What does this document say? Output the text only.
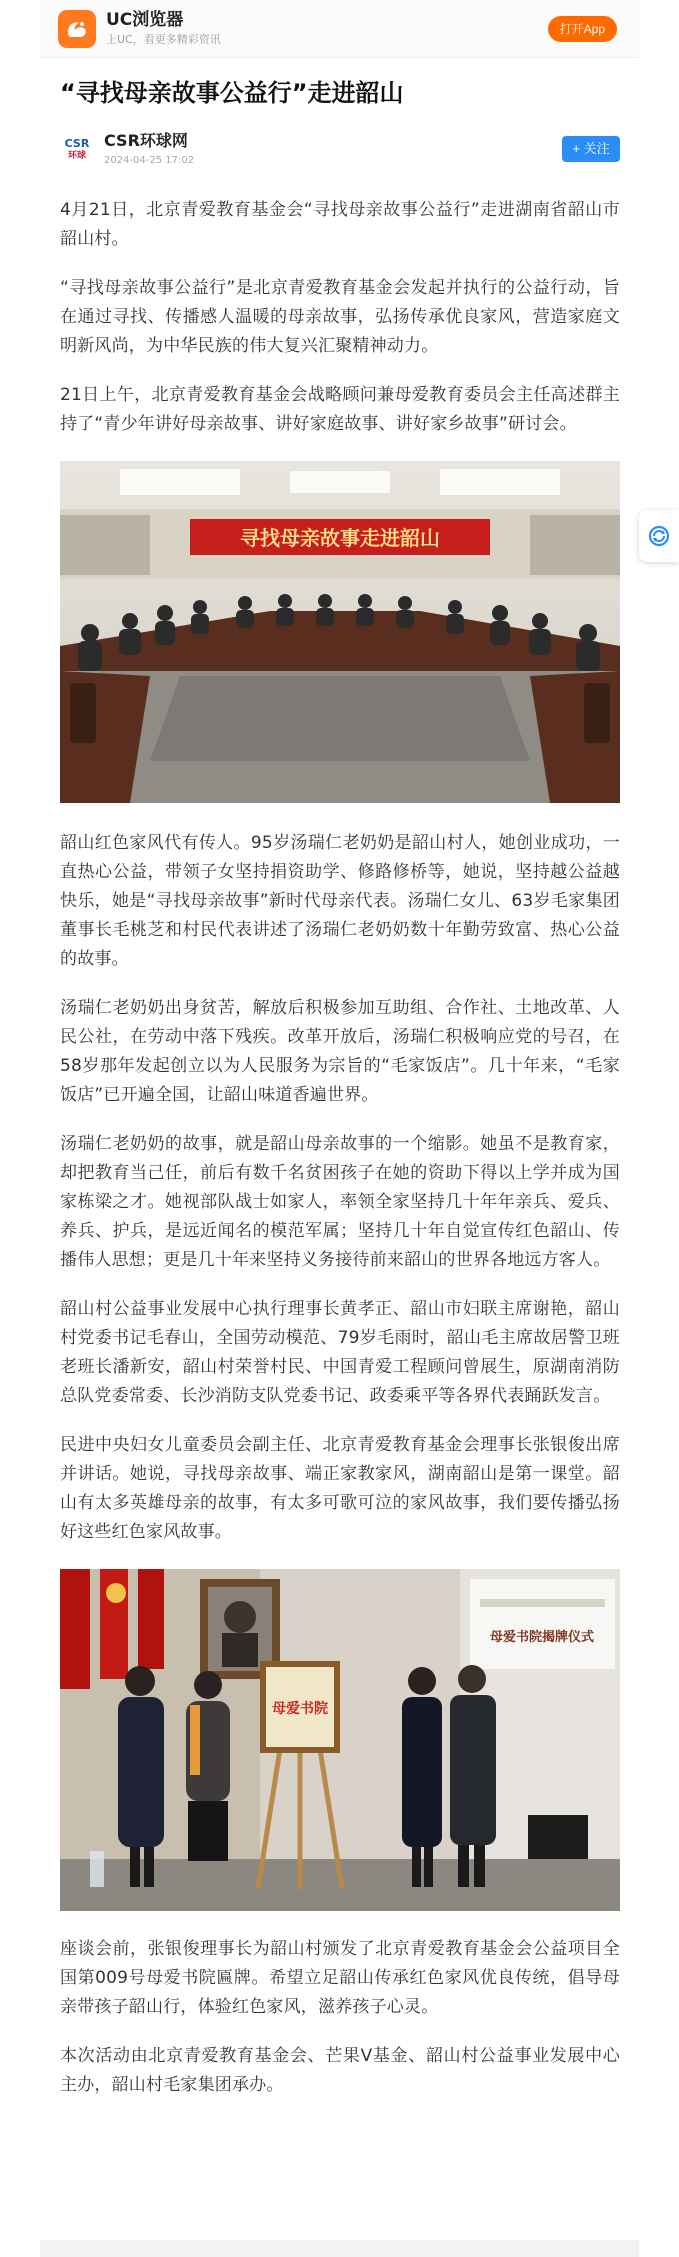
UC浏览器
上UC，看更多精彩资讯
打开App
“寻找母亲故事公益行”走进韶山
CSR
环球
CSR环球网
2024-04-25 17:02
+ 关注

4月21日，北京青爱教育基金会“寻找母亲故事公益行”走进湖南省韶山市韶山村。

“寻找母亲故事公益行”是北京青爱教育基金会发起并执行的公益行动，旨在通过寻找、传播感人温暖的母亲故事，弘扬传承优良家风，营造家庭文明新风尚，为中华民族的伟大复兴汇聚精神动力。

21日上午，北京青爱教育基金会战略顾问兼母爱教育委员会主任高述群主持了“青少年讲好母亲故事、讲好家庭故事、讲好家乡故事”研讨会。

寻找母亲故事走进韶山

韶山红色家风代有传人。95岁汤瑞仁老奶奶是韶山村人，她创业成功，一直热心公益，带领子女坚持捐资助学、修路修桥等，她说，坚持越公益越快乐，她是“寻找母亲故事”新时代母亲代表。汤瑞仁女儿、63岁毛家集团董事长毛桃芝和村民代表讲述了汤瑞仁老奶奶数十年勤劳致富、热心公益的故事。

汤瑞仁老奶奶出身贫苦，解放后积极参加互助组、合作社、土地改革、人民公社，在劳动中落下残疾。改革开放后，汤瑞仁积极响应党的号召，在58岁那年发起创立以为人民服务为宗旨的“毛家饭店”。几十年来，“毛家饭店”已开遍全国，让韶山味道香遍世界。

汤瑞仁老奶奶的故事，就是韶山母亲故事的一个缩影。她虽不是教育家，却把教育当己任，前后有数千名贫困孩子在她的资助下得以上学并成为国家栋梁之才。她视部队战士如家人，率领全家坚持几十年年亲兵、爱兵、养兵、护兵，是远近闻名的模范军属；坚持几十年自觉宣传红色韶山、传播伟人思想；更是几十年来坚持义务接待前来韶山的世界各地远方客人。

韶山村公益事业发展中心执行理事长黄孝正、韶山市妇联主席谢艳，韶山村党委书记毛春山，全国劳动模范、79岁毛雨时，韶山毛主席故居警卫班老班长潘新安，韶山村荣誉村民、中国青爱工程顾问曾展生，原湖南消防总队党委常委、长沙消防支队党委书记、政委乘平等各界代表踊跃发言。

民进中央妇女儿童委员会副主任、北京青爱教育基金会理事长张银俊出席并讲话。她说，寻找母亲故事、端正家教家风，湖南韶山是第一课堂。韶山有太多英雄母亲的故事，有太多可歌可泣的家风故事，我们要传播弘扬好这些红色家风故事。

母爱书院揭牌仪式
母爱书院

座谈会前，张银俊理事长为韶山村颁发了北京青爱教育基金会公益项目全国第009号母爱书院匾牌。希望立足韶山传承红色家风优良传统，倡导母亲带孩子韶山行，体验红色家风，滋养孩子心灵。

本次活动由北京青爱教育基金会、芒果V基金、韶山村公益事业发展中心主办，韶山村毛家集团承办。
